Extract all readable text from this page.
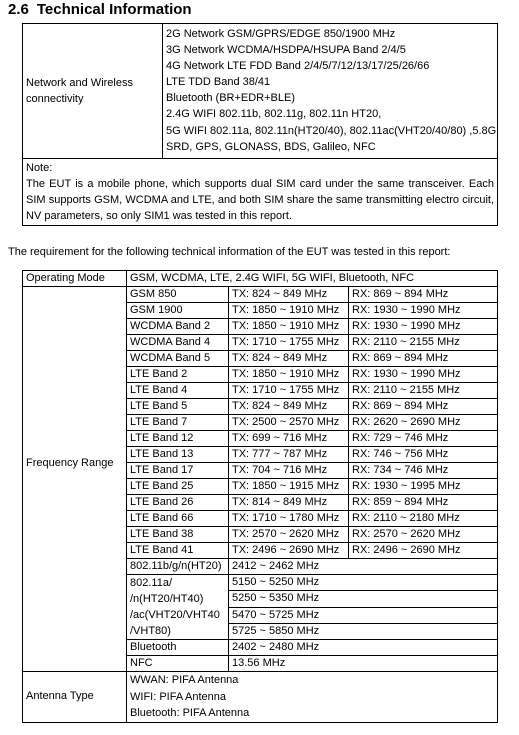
2.6 Technical Information
Network and Wireless connectivity	
2G Network GSM/GPRS/EDGE 850/1900 MHz
3G Network WCDMA/HSDPA/HSUPA Band 2/4/5
4G Network LTE FDD Band 2/4/5/7/12/13/17/25/26/66
LTE TDD Band 38/41
Bluetooth (BR+EDR+BLE)
2.4G WIFI 802.11b, 802.11g, 802.11n HT20,
5G WIFI 802.11a, 802.11n(HT20/40), 802.11ac(VHT20/40/80) ,5.8G
SRD, GPS, GLONASS, BDS, Galileo, NFC

Note:
The EUT is a mobile phone, which supports dual SIM card under the same transceiver. Each SIM supports GSM, WCDMA and LTE, and both SIM share the same transmitting electro circuit, NV parameters, so only SIM1 was tested in this report.
The requirement for the following technical information of the EUT was tested in this report:
Operating Mode	GSM, WCDMA, LTE, 2.4G WIFI, 5G WIFI, Bluetooth, NFC		
Frequency Range	GSM 850	TX: 824 ~ 849 MHz	RX: 869 ~ 894 MHz
	GSM 1900	TX: 1850 ~ 1910 MHz	RX: 1930 ~ 1990 MHz
	WCDMA Band 2	TX: 1850 ~ 1910 MHz	RX: 1930 ~ 1990 MHz
	WCDMA Band 4	TX: 1710 ~ 1755 MHz	RX: 2110 ~ 2155 MHz
	WCDMA Band 5	TX: 824 ~ 849 MHz	RX: 869 ~ 894 MHz
	LTE Band 2	TX: 1850 ~ 1910 MHz	RX: 1930 ~ 1990 MHz
	LTE Band 4	TX: 1710 ~ 1755 MHz	RX: 2110 ~ 2155 MHz
	LTE Band 5	TX: 824 ~ 849 MHz	RX: 869 ~ 894 MHz
	LTE Band 7	TX: 2500 ~ 2570 MHz	RX: 2620 ~ 2690 MHz
	LTE Band 12	TX: 699 ~ 716 MHz	RX: 729 ~ 746 MHz
	LTE Band 13	TX: 777 ~ 787 MHz	RX: 746 ~ 756 MHz
	LTE Band 17	TX: 704 ~ 716 MHz	RX: 734 ~ 746 MHz
	LTE Band 25	TX: 1850 ~ 1915 MHz	RX: 1930 ~ 1995 MHz
	LTE Band 26	TX: 814 ~ 849 MHz	RX: 859 ~ 894 MHz
	LTE Band 66	TX: 1710 ~ 1780 MHz	RX: 2110 ~ 2180 MHz
	LTE Band 38	TX: 2570 ~ 2620 MHz	RX: 2570 ~ 2620 MHz
	LTE Band 41	TX: 2496 ~ 2690 MHz	RX: 2496 ~ 2690 MHz
	802.11b/g/n(HT20)	2412 ~ 2462 MHz	

	802.11a/
/n(HT20/HT40)
/ac(VHT20/VHT40
/VHT80)	5150 ~ 5250 MHz	
		5250 ~ 5350 MHz	
		5470 ~ 5725 MHz	
		5725 ~ 5850 MHz	
	Bluetooth	2402 ~ 2480 MHz	
	NFC	13.56 MHz	
Antenna Type	WWAN: PIFA Antenna
WIFI: PIFA Antenna
Bluetooth: PIFA Antenna		
